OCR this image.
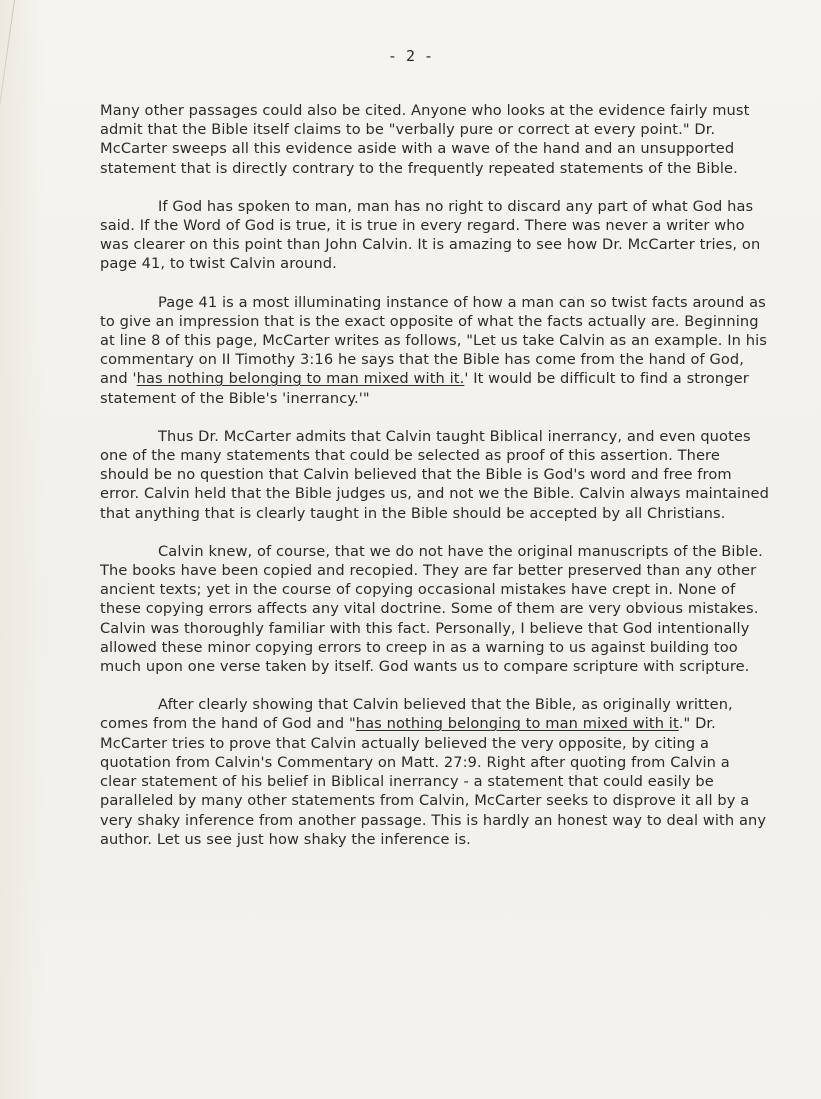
- 2 -

Many other passages could also be cited. Anyone who looks at the evidence fairly must admit that the Bible itself claims to be "verbally pure or correct at every point." Dr. McCarter sweeps all this evidence aside with a wave of the hand and an unsupported statement that is directly contrary to the frequently repeated statements of the Bible.

If God has spoken to man, man has no right to discard any part of what God has said. If the Word of God is true, it is true in every regard. There was never a writer who was clearer on this point than John Calvin. It is amazing to see how Dr. McCarter tries, on page 41, to twist Calvin around.

Page 41 is a most illuminating instance of how a man can so twist facts around as to give an impression that is the exact opposite of what the facts actually are. Beginning at line 8 of this page, McCarter writes as follows, "Let us take Calvin as an example. In his commentary on II Timothy 3:16 he says that the Bible has come from the hand of God, and 'has nothing belonging to man mixed with it.' It would be difficult to find a stronger statement of the Bible's 'inerrancy.'"

Thus Dr. McCarter admits that Calvin taught Biblical inerrancy, and even quotes one of the many statements that could be selected as proof of this assertion. There should be no question that Calvin believed that the Bible is God's word and free from error. Calvin held that the Bible judges us, and not we the Bible. Calvin always maintained that anything that is clearly taught in the Bible should be accepted by all Christians.

Calvin knew, of course, that we do not have the original manuscripts of the Bible. The books have been copied and recopied. They are far better preserved than any other ancient texts; yet in the course of copying occasional mistakes have crept in. None of these copying errors affects any vital doctrine. Some of them are very obvious mistakes. Calvin was thoroughly familiar with this fact. Personally, I believe that God intentionally allowed these minor copying errors to creep in as a warning to us against building too much upon one verse taken by itself. God wants us to compare scripture with scripture.

After clearly showing that Calvin believed that the Bible, as originally written, comes from the hand of God and "has nothing belonging to man mixed with it." Dr. McCarter tries to prove that Calvin actually believed the very opposite, by citing a quotation from Calvin's Commentary on Matt. 27:9. Right after quoting from Calvin a clear statement of his belief in Biblical inerrancy - a statement that could easily be paralleled by many other statements from Calvin, McCarter seeks to disprove it all by a very shaky inference from another passage. This is hardly an honest way to deal with any author. Let us see just how shaky the inference is.
